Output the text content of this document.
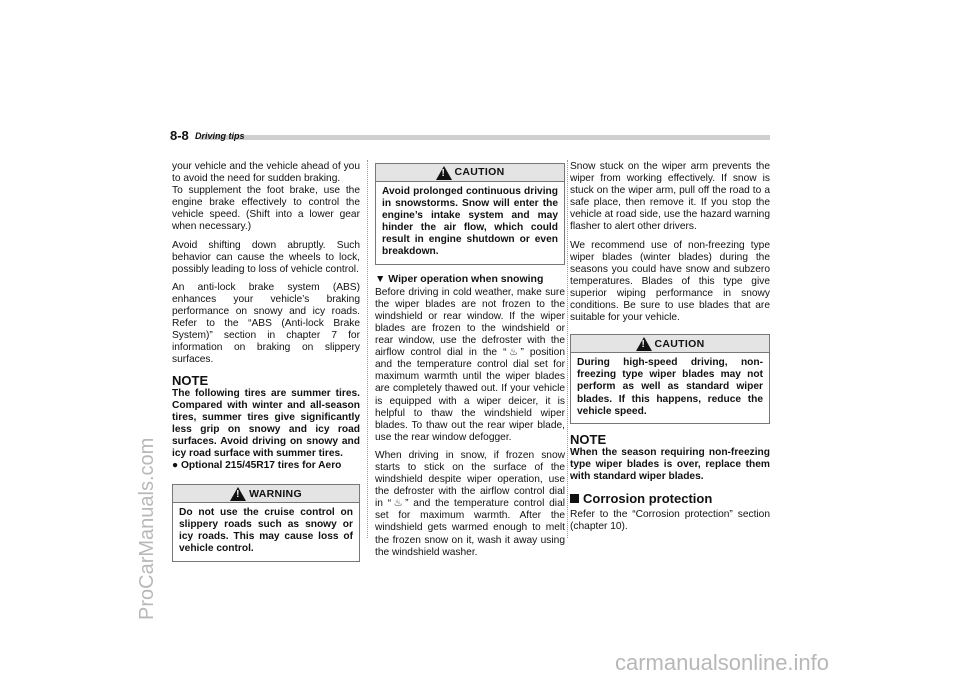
8-8 Driving tips
ProCarManuals.com
carmanualsonline.info

your vehicle and the vehicle ahead of you to avoid the need for sudden braking.
To supplement the foot brake, use the engine brake effectively to control the vehicle speed. (Shift into a lower gear when necessary.)

Avoid shifting down abruptly. Such behavior can cause the wheels to lock, possibly leading to loss of vehicle control.

An anti-lock brake system (ABS) enhances your vehicle’s braking performance on snowy and icy roads. Refer to the “ABS (Anti-lock Brake System)” section in chapter 7 for information on braking on slippery surfaces.

NOTE
The following tires are summer tires. Compared with winter and all-season tires, summer tires give significantly less grip on snowy and icy road surfaces. Avoid driving on snowy and icy road surface with summer tires.
● Optional 215/45R17 tires for Aero
!
WARNING
Do not use the cruise control on slippery roads such as snowy or icy roads. This may cause loss of vehicle control.
!
CAUTION
Avoid prolonged continuous driving in snowstorms. Snow will enter the engine’s intake system and may hinder the air flow, which could result in engine shutdown or even breakdown.
▼ Wiper operation when snowing

Before driving in cold weather, make sure the wiper blades are not frozen to the windshield or rear window. If the wiper blades are frozen to the windshield or rear window, use the defroster with the airflow control dial in the “ ♨ ” position and the temperature control dial set for maximum warmth until the wiper blades are completely thawed out. If your vehicle is equipped with a wiper deicer, it is helpful to thaw the windshield wiper blades. To thaw out the rear wiper blade, use the rear window defogger.

When driving in snow, if frozen snow starts to stick on the surface of the windshield despite wiper operation, use the defroster with the airflow control dial in “ ♨ ” and the temperature control dial set for maximum warmth. After the windshield gets warmed enough to melt the frozen snow on it, wash it away using the windshield washer.

Snow stuck on the wiper arm prevents the wiper from working effectively. If snow is stuck on the wiper arm, pull off the road to a safe place, then remove it. If you stop the vehicle at road side, use the hazard warning flasher to alert other drivers.

We recommend use of non-freezing type wiper blades (winter blades) during the seasons you could have snow and subzero temperatures. Blades of this type give superior wiping performance in snowy conditions. Be sure to use blades that are suitable for your vehicle.

!
CAUTION
During high-speed driving, non-freezing type wiper blades may not perform as well as standard wiper blades. If this happens, reduce the vehicle speed.
NOTE
When the season requiring non-freezing type wiper blades is over, replace them with standard wiper blades.
Corrosion protection

Refer to the “Corrosion protection” section (chapter 10).
